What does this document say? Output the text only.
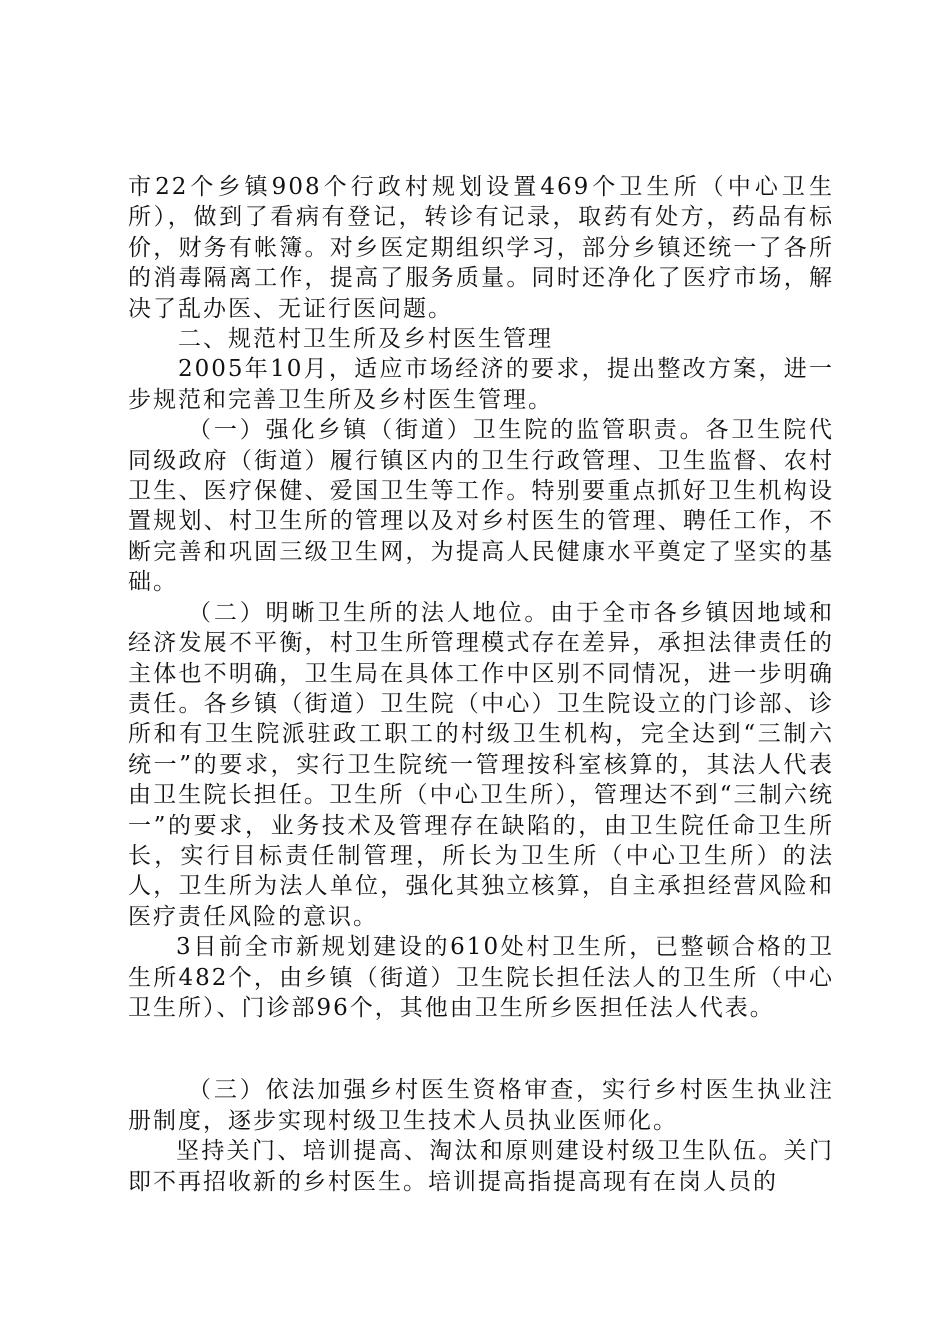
市22个乡镇908个行政村规划设置469个卫生所（中心卫生所），做到了看病有登记，转诊有记录，取药有处方，药品有标价，财务有帐簿。对乡医定期组织学习，部分乡镇还统一了各所的消毒隔离工作，提高了服务质量。同时还净化了医疗市场，解决了乱办医、无证行医问题。

二、规范村卫生所及乡村医生管理

2005年10月，适应市场经济的要求，提出整改方案，进一步规范和完善卫生所及乡村医生管理。

（一）强化乡镇（街道）卫生院的监管职责。各卫生院代同级政府（街道）履行镇区内的卫生行政管理、卫生监督、农村卫生、医疗保健、爱国卫生等工作。特别要重点抓好卫生机构设置规划、村卫生所的管理以及对乡村医生的管理、聘任工作，不断完善和巩固三级卫生网，为提高人民健康水平奠定了坚实的基础。

（二）明晰卫生所的法人地位。由于全市各乡镇因地域和经济发展不平衡，村卫生所管理模式存在差异，承担法律责任的主体也不明确，卫生局在具体工作中区别不同情况，进一步明确责任。各乡镇（街道）卫生院（中心）卫生院设立的门诊部、诊所和有卫生院派驻政工职工的村级卫生机构，完全达到“三制六统一”的要求，实行卫生院统一管理按科室核算的，其法人代表由卫生院长担任。卫生所（中心卫生所），管理达不到“三制六统一”的要求，业务技术及管理存在缺陷的，由卫生院任命卫生所长，实行目标责任制管理，所长为卫生所（中心卫生所）的法人，卫生所为法人单位，强化其独立核算，自主承担经营风险和医疗责任风险的意识。

3目前全市新规划建设的610处村卫生所，已整顿合格的卫生所482个，由乡镇（街道）卫生院长担任法人的卫生所（中心卫生所）、门诊部96个，其他由卫生所乡医担任法人代表。

（三）依法加强乡村医生资格审查，实行乡村医生执业注册制度，逐步实现村级卫生技术人员执业医师化。

坚持关门、培训提高、淘汰和原则建设村级卫生队伍。关门即不再招收新的乡村医生。培训提高指提高现有在岗人员的
